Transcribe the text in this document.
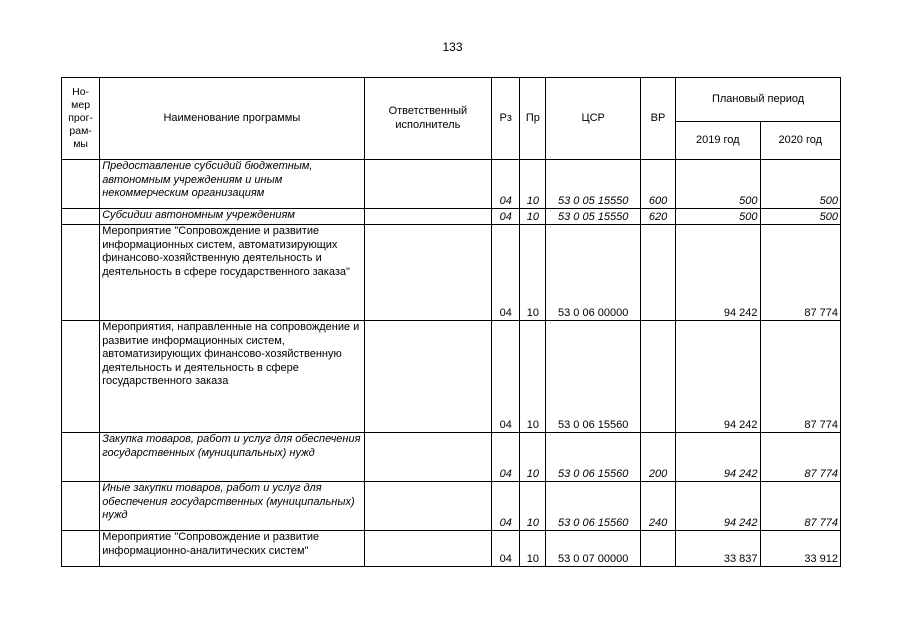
133
Но-мер прог-рам-мы	Наименование программы	Ответственный исполнитель	Рз	Пр	ЦСР	ВР	Плановый период	
							2019 год	2020 год
	Предоставление субсидий бюджетным, автономным учреждениям и иным некоммерческим организациям		04	10	53 0 05 15550	600	500	500
	Субсидии автономным учреждениям		04	10	53 0 05 15550	620	500	500
	Мероприятие "Сопровождение и развитие информационных систем, автоматизирующих финансово-хозяйственную деятельность и деятельность в сфере государственного заказа"		04	10	53 0 06 00000		94 242	87 774
	Мероприятия, направленные на сопровождение и развитие информационных систем, автоматизирующих финансово-хозяйственную деятельность и деятельность в сфере государственного заказа		04	10	53 0 06 15560		94 242	87 774
	Закупка товаров, работ и услуг для обеспечения государственных (муниципальных) нужд		04	10	53 0 06 15560	200	94 242	87 774
	Иные закупки товаров, работ и услуг для обеспечения государственных (муниципальных) нужд		04	10	53 0 06 15560	240	94 242	87 774
	Мероприятие "Сопровождение и развитие информационно-аналитических систем"		04	10	53 0 07 00000		33 837	33 912
